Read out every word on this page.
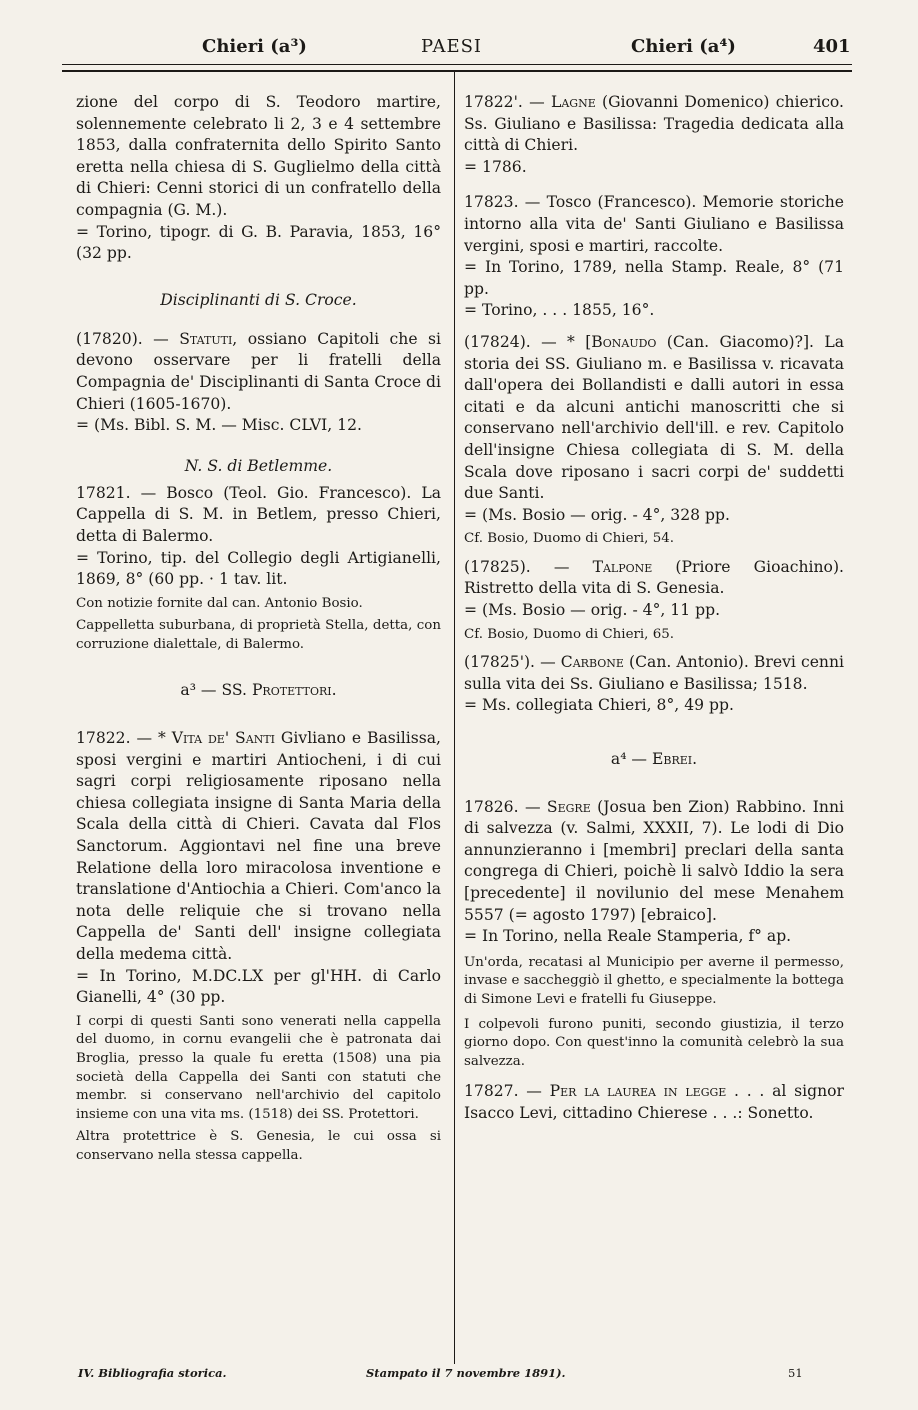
Chieri (a³)	PAESI	Chieri (a⁴)	401

zione del corpo di S. Teodoro martire, solennemente celebrato li 2, 3 e 4 settembre 1853, dalla confraternita dello Spirito Santo eretta nella chiesa di S. Guglielmo della città di Chieri: Cenni storici di un confratello della compagnia (G. M.).

= Torino, tipogr. di G. B. Paravia, 1853, 16° (32 pp.

Disciplinanti di S. Croce.

(17820). — Statuti, ossiano Capitoli che si devono osservare per li fratelli della Compagnia de' Disciplinanti di Santa Croce di Chieri (1605-1670).

= (Ms. Bibl. S. M. — Misc. CLVI, 12.

N. S. di Betlemme.

17821. — Bosco (Teol. Gio. Francesco). La Cappella di S. M. in Betlem, presso Chieri, detta di Balermo.

= Torino, tip. del Collegio degli Artigianelli, 1869, 8° (60 pp. · 1 tav. lit.

Con notizie fornite dal can. Antonio Bosio.

Cappelletta suburbana, di proprietà Stella, detta, con corruzione dialettale, di Balermo.

a³ — SS. Protettori.

17822. — * Vita de' Santi Givliano e Basilissa, sposi vergini e martiri Antiocheni, i di cui sagri corpi religiosamente riposano nella chiesa collegiata insigne di Santa Maria della Scala della città di Chieri. Cavata dal Flos Sanctorum. Aggiontavi nel fine una breve Relatione della loro miracolosa inventione e translatione d'Antiochia a Chieri. Com'anco la nota delle reliquie che si trovano nella Cappella de' Santi dell' insigne collegiata della medema città.

= In Torino, M.DC.LX per gl'HH. di Carlo Gianelli, 4° (30 pp.

I corpi di questi Santi sono venerati nella cappella del duomo, in cornu evangelii che è patronata dai Broglia, presso la quale fu eretta (1508) una pia società della Cappella dei Santi con statuti che membr. si conservano nell'archivio del capitolo insieme con una vita ms. (1518) dei SS. Protettori.

Altra protettrice è S. Genesia, le cui ossa si conservano nella stessa cappella.

17822'. — Lagne (Giovanni Domenico) chierico. Ss. Giuliano e Basilissa: Tragedia dedicata alla città di Chieri.

= 1786.

17823. — Tosco (Francesco). Memorie storiche intorno alla vita de' Santi Giuliano e Basilissa vergini, sposi e martiri, raccolte.

= In Torino, 1789, nella Stamp. Reale, 8° (71 pp.

= Torino, . . . 1855, 16°.

(17824). — * [Bonaudo (Can. Giacomo)?]. La storia dei SS. Giuliano m. e Basilissa v. ricavata dall'opera dei Bollandisti e dalli autori in essa citati e da alcuni antichi manoscritti che si conservano nell'archivio dell'ill. e rev. Capitolo dell'insigne Chiesa collegiata di S. M. della Scala dove riposano i sacri corpi de' suddetti due Santi.

= (Ms. Bosio — orig. - 4°, 328 pp.

Cf. Bosio, Duomo di Chieri, 54.

(17825). — Talpone (Priore Gioachino). Ristretto della vita di S. Genesia.

= (Ms. Bosio — orig. - 4°, 11 pp.

Cf. Bosio, Duomo di Chieri, 65.

(17825'). — Carbone (Can. Antonio). Brevi cenni sulla vita dei Ss. Giuliano e Basilissa; 1518.

= Ms. collegiata Chieri, 8°, 49 pp.

a⁴ — Ebrei.

17826. — Segre (Josua ben Zion) Rabbino. Inni di salvezza (v. Salmi, XXXII, 7). Le lodi di Dio annunzieranno i [membri] preclari della santa congrega di Chieri, poichè li salvò Iddio la sera [precedente] il novilunio del mese Menahem 5557 (= agosto 1797) [ebraico].

= In Torino, nella Reale Stamperia, f° ap.

Un'orda, recatasi al Municipio per averne il permesso, invase e saccheggiò il ghetto, e specialmente la bottega di Simone Levi e fratelli fu Giuseppe.

I colpevoli furono puniti, secondo giustizia, il terzo giorno dopo. Con quest'inno la comunità celebrò la sua salvezza.

17827. — Per la laurea in legge . . . al signor Isacco Levi, cittadino Chierese . . .: Sonetto.

IV. Bibliografia storica.	Stampato il 7 novembre 1891).	51
